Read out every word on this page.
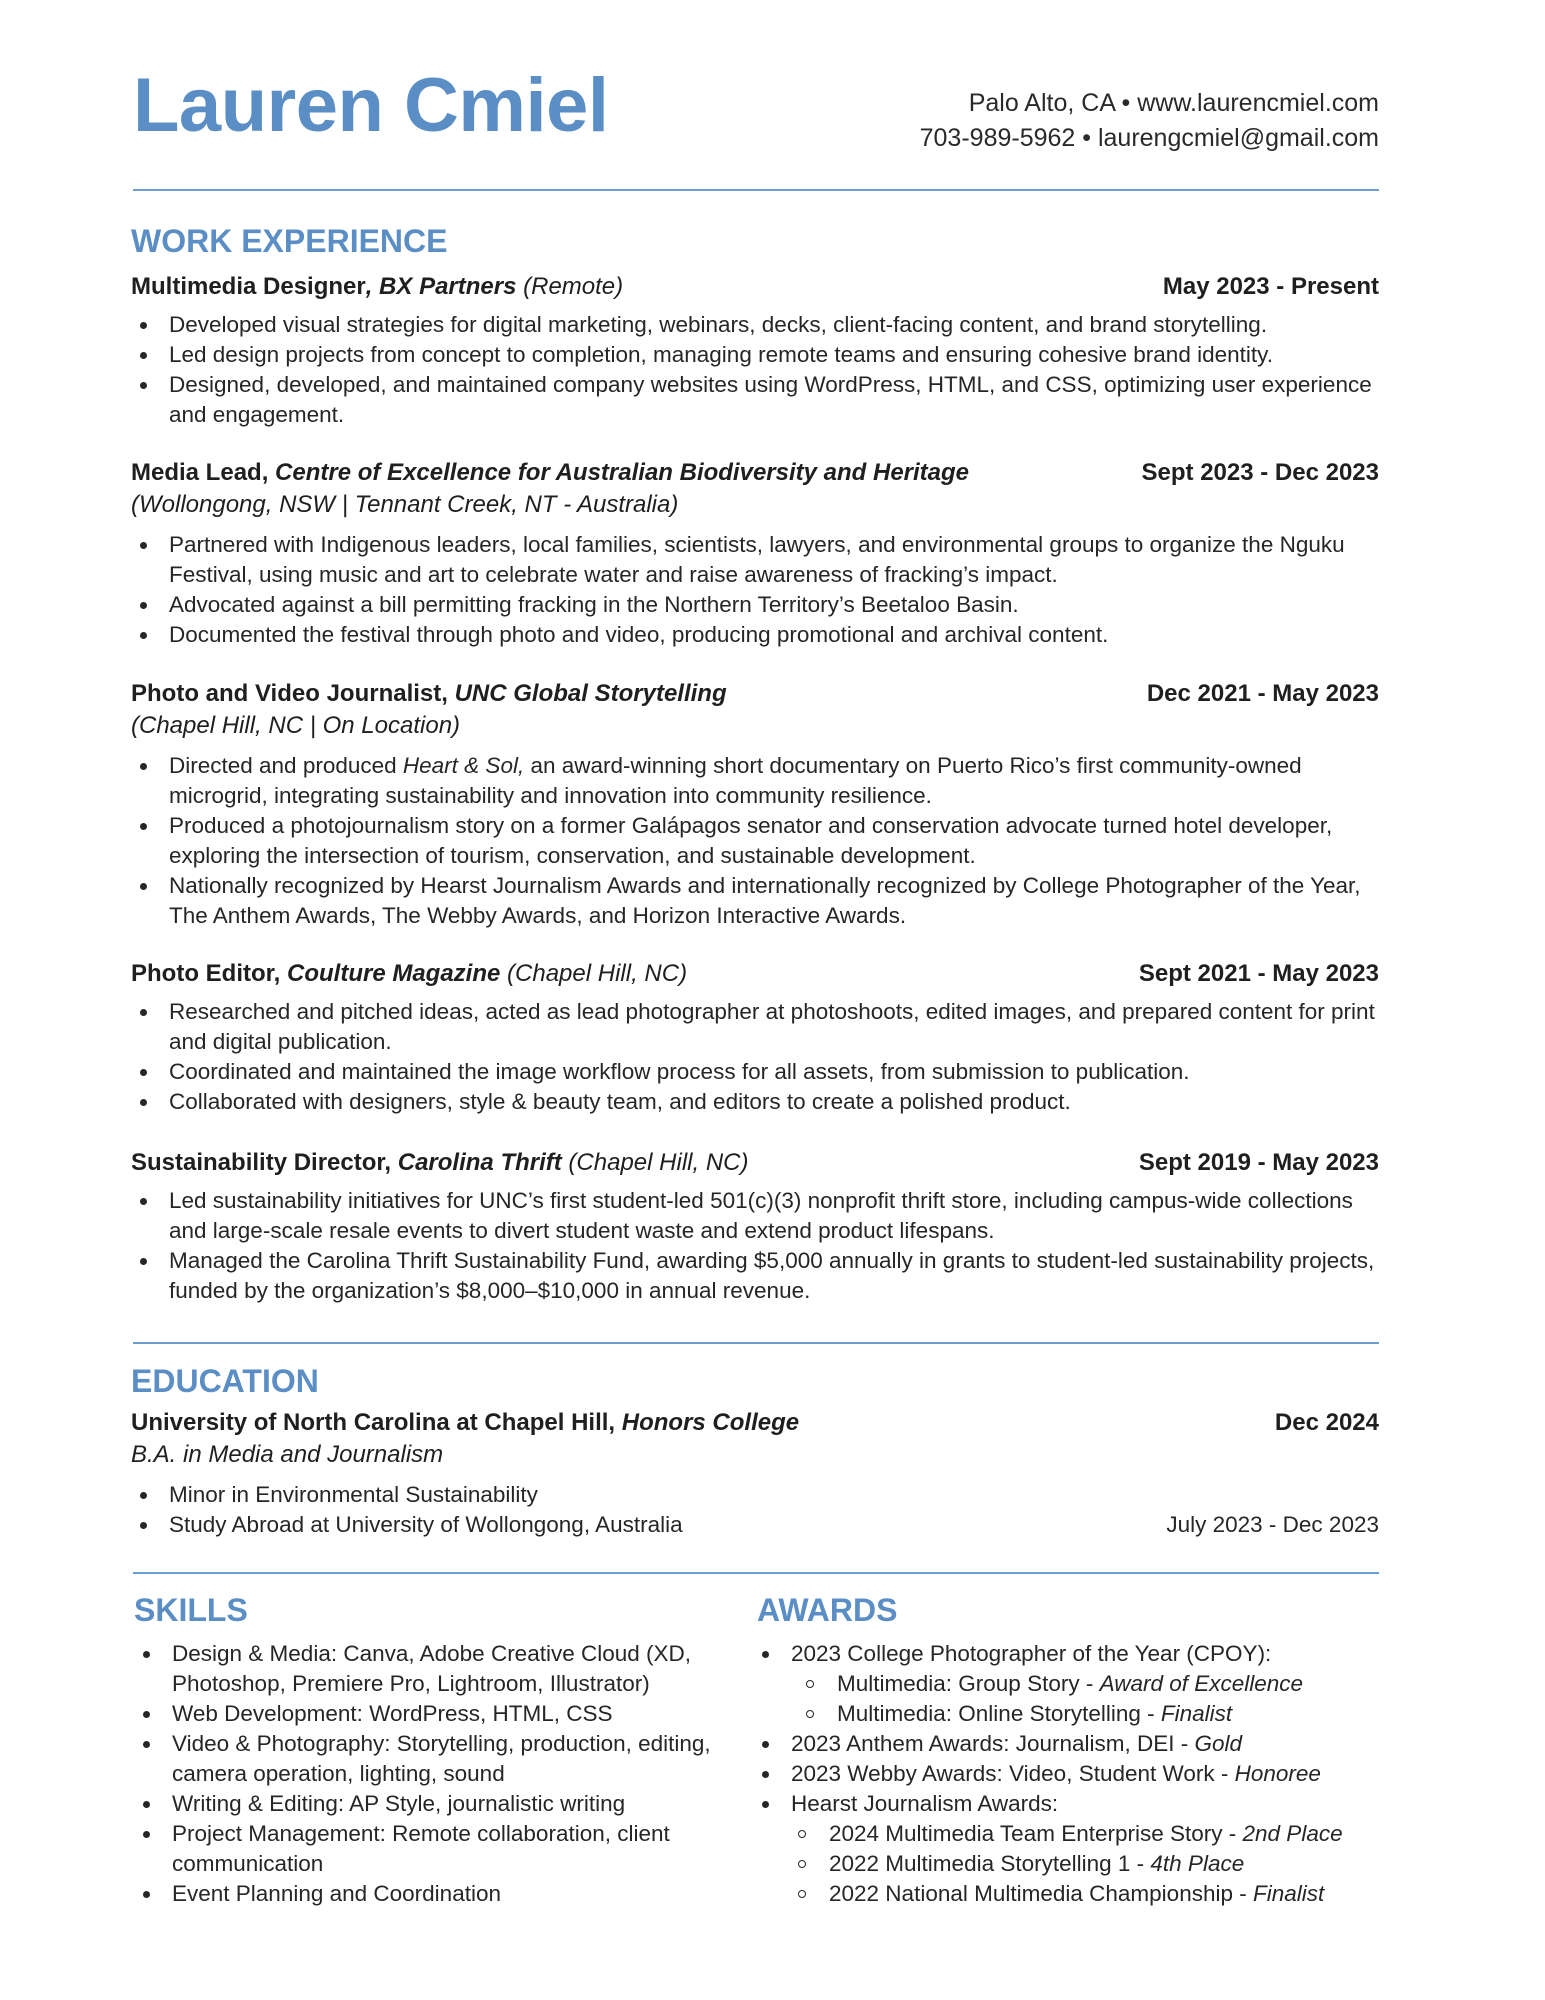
Lauren Cmiel	Palo Alto, CA • www.laurencmiel.com
703-989-5962 • laurengcmiel@gmail.com
WORK EXPERIENCE
Multimedia Designer, BX Partners (Remote)	May 2023 - Present
Developed visual strategies for digital marketing, webinars, decks, client-facing content, and brand storytelling.
Led design projects from concept to completion, managing remote teams and ensuring cohesive brand identity.
Designed, developed, and maintained company websites using WordPress, HTML, and CSS, optimizing user experience and engagement.
Media Lead, Centre of Excellence for Australian Biodiversity and Heritage	Sept 2023 - Dec 2023
(Wollongong, NSW | Tennant Creek, NT - Australia)
Partnered with Indigenous leaders, local families, scientists, lawyers, and environmental groups to organize the Nguku Festival, using music and art to celebrate water and raise awareness of fracking’s impact.
Advocated against a bill permitting fracking in the Northern Territory’s Beetaloo Basin.
Documented the festival through photo and video, producing promotional and archival content.
Photo and Video Journalist, UNC Global Storytelling	Dec 2021 - May 2023
(Chapel Hill, NC | On Location)
Directed and produced Heart & Sol, an award-winning short documentary on Puerto Rico’s first community-owned microgrid, integrating sustainability and innovation into community resilience.
Produced a photojournalism story on a former Galápagos senator and conservation advocate turned hotel developer, exploring the intersection of tourism, conservation, and sustainable development.
Nationally recognized by Hearst Journalism Awards and internationally recognized by College Photographer of the Year, The Anthem Awards, The Webby Awards, and Horizon Interactive Awards.
Photo Editor, Coulture Magazine (Chapel Hill, NC)	Sept 2021 - May 2023
Researched and pitched ideas, acted as lead photographer at photoshoots, edited images, and prepared content for print and digital publication.
Coordinated and maintained the image workflow process for all assets, from submission to publication.
Collaborated with designers, style & beauty team, and editors to create a polished product.
Sustainability Director, Carolina Thrift (Chapel Hill, NC)	Sept 2019 - May 2023
Led sustainability initiatives for UNC’s first student-led 501(c)(3) nonprofit thrift store, including campus-wide collections and large-scale resale events to divert student waste and extend product lifespans.
Managed the Carolina Thrift Sustainability Fund, awarding $5,000 annually in grants to student-led sustainability projects, funded by the organization’s $8,000–$10,000 in annual revenue.
EDUCATION
University of North Carolina at Chapel Hill, Honors College	Dec 2024
B.A. in Media and Journalism
Minor in Environmental Sustainability
Study Abroad at University of Wollongong, Australia	July 2023 - Dec 2023
SKILLS
Design & Media: Canva, Adobe Creative Cloud (XD, Photoshop, Premiere Pro, Lightroom, Illustrator)
Web Development: WordPress, HTML, CSS
Video & Photography: Storytelling, production, editing, camera operation, lighting, sound
Writing & Editing: AP Style, journalistic writing
Project Management: Remote collaboration, client communication
Event Planning and Coordination
AWARDS
2023 College Photographer of the Year (CPOY):
Multimedia: Group Story - Award of Excellence
Multimedia: Online Storytelling - Finalist
2023 Anthem Awards: Journalism, DEI - Gold
2023 Webby Awards: Video, Student Work - Honoree
Hearst Journalism Awards:
2024 Multimedia Team Enterprise Story - 2nd Place
2022 Multimedia Storytelling 1 - 4th Place
2022 National Multimedia Championship - Finalist
